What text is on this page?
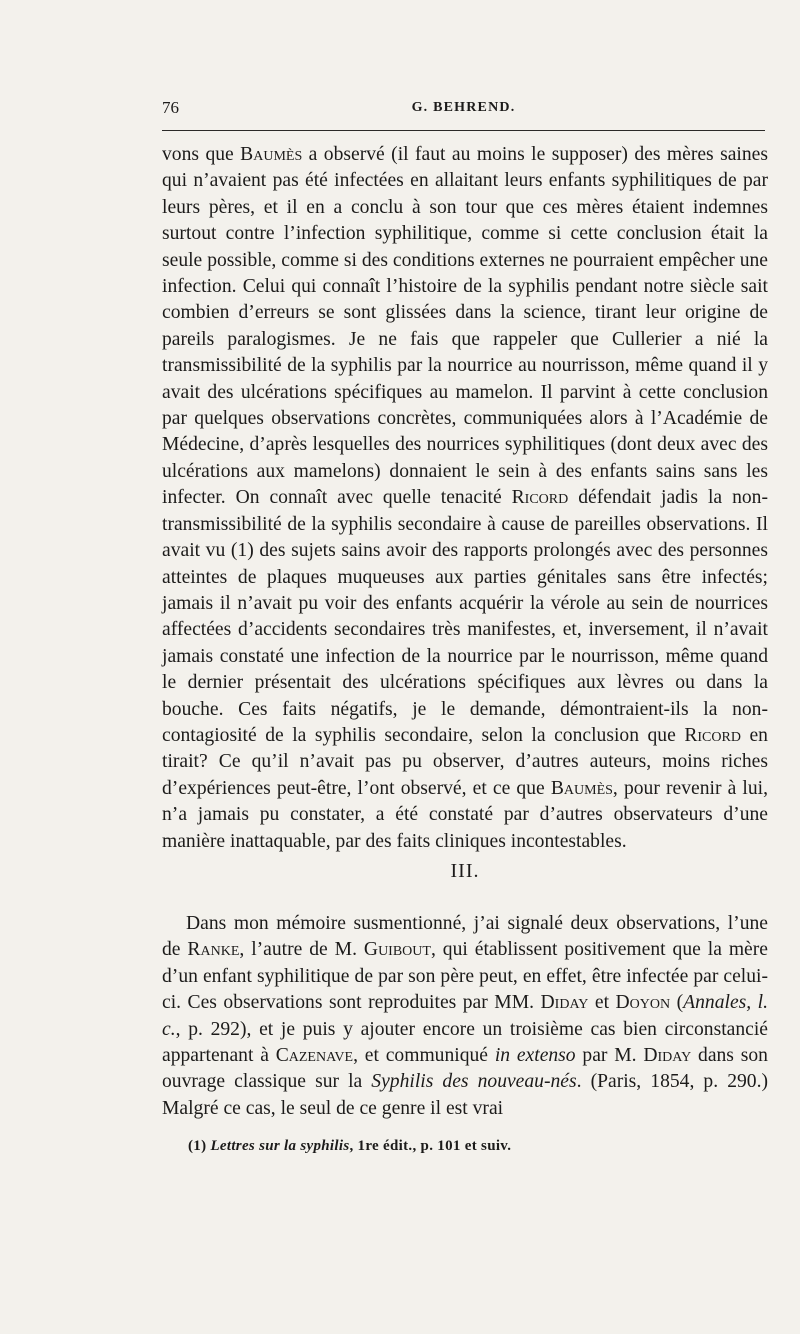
76	G. BEHREND.

vons que Baumès a observé (il faut au moins le supposer) des mères saines qui n’avaient pas été infectées en allaitant leurs enfants syphilitiques de par leurs pères, et il en a conclu à son tour que ces mères étaient indemnes surtout contre l’infection syphilitique, comme si cette conclusion était la seule possible, comme si des conditions externes ne pourraient empêcher une infection. Celui qui connaît l’histoire de la syphilis pendant notre siècle sait combien d’erreurs se sont glissées dans la science, tirant leur origine de pareils paralogismes. Je ne fais que rappeler que Cullerier a nié la transmissibilité de la syphilis par la nourrice au nourrisson, même quand il y avait des ulcérations spécifiques au mamelon. Il parvint à cette conclusion par quelques observations concrètes, communiquées alors à l’Académie de Médecine, d’après lesquelles des nourrices syphilitiques (dont deux avec des ulcérations aux mamelons) donnaient le sein à des enfants sains sans les infecter. On connaît avec quelle tenacité Ricord défendait jadis la non-transmissibilité de la syphilis secondaire à cause de pareilles observations. Il avait vu (1) des sujets sains avoir des rapports prolongés avec des personnes atteintes de plaques muqueuses aux parties génitales sans être infectés; jamais il n’avait pu voir des enfants acquérir la vérole au sein de nourrices affectées d’accidents secondaires très manifestes, et, inversement, il n’avait jamais constaté une infection de la nourrice par le nourrisson, même quand le dernier présentait des ulcérations spécifiques aux lèvres ou dans la bouche. Ces faits négatifs, je le demande, démontraient-ils la non-contagiosité de la syphilis secondaire, selon la conclusion que Ricord en tirait? Ce qu’il n’avait pas pu observer, d’autres auteurs, moins riches d’expériences peut-être, l’ont observé, et ce que Baumès, pour revenir à lui, n’a jamais pu constater, a été constaté par d’autres observateurs d’une manière inattaquable, par des faits cliniques incontestables.

III.

Dans mon mémoire susmentionné, j’ai signalé deux observations, l’une de Ranke, l’autre de M. Guibout, qui établissent positivement que la mère d’un enfant syphilitique de par son père peut, en effet, être infectée par celui-ci. Ces observations sont reproduites par MM. Diday et Doyon (Annales, l. c., p. 292), et je puis y ajouter encore un troisième cas bien circonstancié appartenant à Cazenave, et communiqué in extenso par M. Diday dans son ouvrage classique sur la Syphilis des nouveau-nés. (Paris, 1854, p. 290.) Malgré ce cas, le seul de ce genre il est vrai

(1) Lettres sur la syphilis, 1re édit., p. 101 et suiv.
